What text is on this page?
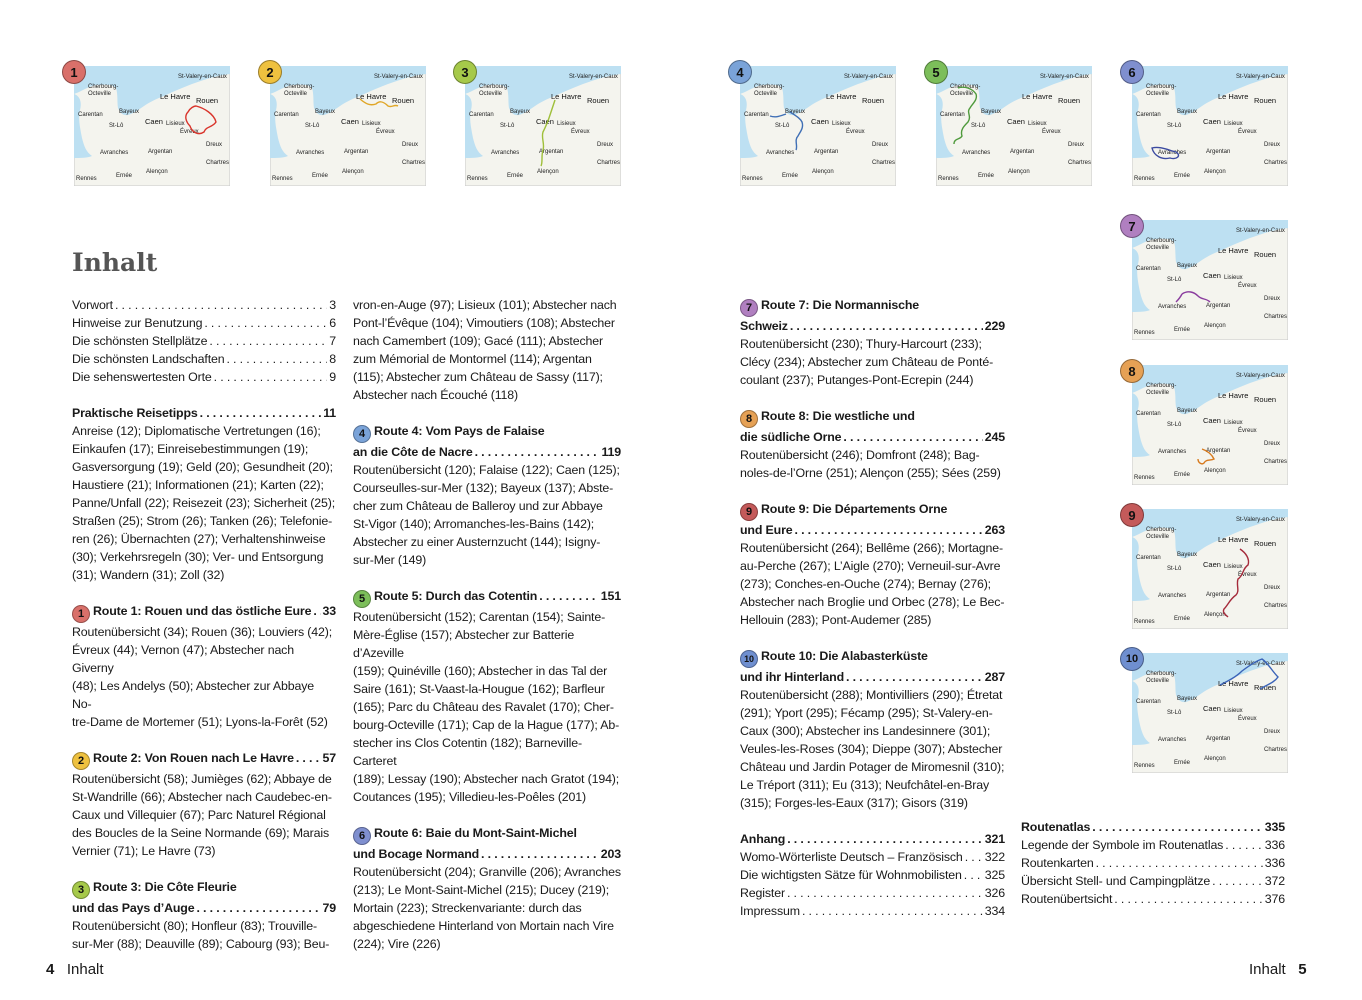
1	St-Valery-en-Caux
Cherbourg-
Octeville	Le Havre Rouen
Carentan	Bayeux
St-Lô	Caen Lisieux
Évreux
Dreux
Avranches	Argentan
Chartres
Rennes	Ernée
Alençon
2	St-Valery-en-Caux
Cherbourg-
Octeville	Le Havre Rouen
Carentan	Bayeux
St-Lô	Caen Lisieux
Évreux
Dreux
Avranches	Argentan
Chartres
Rennes	Ernée
Alençon
3	St-Valery-en-Caux
Cherbourg-
Octeville	Le Havre Rouen
Carentan	Bayeux
St-Lô	Caen Lisieux
Évreux
Dreux
Avranches	Argentan
Chartres
Rennes	Ernée
Alençon
4	St-Valery-en-Caux
Cherbourg-
Octeville	Le Havre Rouen
Carentan	Bayeux
St-Lô	Caen Lisieux
Évreux
Dreux
Avranches	Argentan
Chartres
Rennes	Ernée
Alençon
5	St-Valery-en-Caux
Cherbourg-
Octeville	Le Havre Rouen
Carentan	Bayeux
St-Lô	Caen Lisieux
Évreux
Dreux
Avranches	Argentan
Chartres
Rennes	Ernée
Alençon
6	St-Valery-en-Caux
Cherbourg-
Octeville	Le Havre Rouen
Carentan	Bayeux
St-Lô	Caen Lisieux
Évreux
Dreux
Avranches	Argentan
Chartres
Rennes	Ernée
Alençon
7	St-Valery-en-Caux
Cherbourg-
Octeville	Le Havre Rouen
Carentan	Bayeux
St-Lô	Caen Lisieux
Évreux
Dreux
Avranches	Argentan
Chartres
Rennes	Ernée
Alençon
8	St-Valery-en-Caux
Cherbourg-
Octeville	Le Havre Rouen
Carentan	Bayeux
St-Lô	Caen Lisieux
Évreux
Dreux
Avranches	Argentan
Chartres
Rennes	Ernée
Alençon
9	St-Valery-en-Caux
Cherbourg-
Octeville	Le Havre Rouen
Carentan	Bayeux
St-Lô	Caen Lisieux
Évreux
Dreux
Avranches	Argentan
Chartres
Rennes	Ernée
Alençon
10	St-Valery-en-Caux
Cherbourg-
Octeville	Le Havre Rouen
Carentan	Bayeux
St-Lô	Caen Lisieux
Évreux
Dreux
Avranches	Argentan
Chartres
Rennes	Ernée
Alençon
Inhalt
Vorwort . . .	3
Hinweise zur Benutzung . . .	6
Die schönsten Stellplätze . . .	7
Die schönsten Landschaften . . .	8
Die sehenswertesten Orte . . .	9
Praktische Reisetipps . . .	11
Anreise (12); Diplomatische Vertretungen (16);
Einkaufen (17); Einreisebestimmungen (19);
Gasversorgung (19); Geld (20); Gesundheit (20);
Haustiere (21); Informationen (21); Karten (22);
Panne/Unfall (22); Reisezeit (23); Sicherheit (25);
Straßen (25); Strom (26); Tanken (26); Telefonie-
ren (26); Übernachten (27); Verhaltenshinweise
(30); Verkehrsregeln (30); Ver- und Entsorgung
(31); Wandern (31); Zoll (32)
1 Route 1: Rouen und das östliche Eure . . . 33
Routenübersicht (34); Rouen (36); Louviers (42);
Évreux (44); Vernon (47); Abstecher nach Giverny
(48); Les Andelys (50); Abstecher zur Abbaye No-
tre-Dame de Mortemer (51); Lyons-la-Forêt (52)
2 Route 2: Von Rouen nach Le Havre . . . 57
Routenübersicht (58); Jumièges (62); Abbaye de
St-Wandrille (66); Abstecher nach Caudebec-en-
Caux und Villequier (67); Parc Naturel Régional
des Boucles de la Seine Normande (69); Marais
Vernier (71); Le Havre (73)
3 Route 3: Die Côte Fleurie
und das Pays d’Auge . . .	79
Routenübersicht (80); Honfleur (83); Trouville-
sur-Mer (88); Deauville (89); Cabourg (93); Beu-
vron-en-Auge (97); Lisieux (101); Abstecher nach
Pont-l’Évêque (104); Vimoutiers (108); Abstecher
nach Camembert (109); Gacé (111); Abstecher
zum Mémorial de Montormel (114); Argentan
(115); Abstecher zum Château de Sassy (117);
Abstecher nach Écouché (118)
4 Route 4: Vom Pays de Falaise
an die Côte de Nacre . . .	119
Routenübersicht (120); Falaise (122); Caen (125);
Courseulles-sur-Mer (132); Bayeux (137); Abste-
cher zum Château de Balleroy und zur Abbaye
St-Vigor (140); Arromanches-les-Bains (142);
Abstecher zu einer Austernzucht (144); Isigny-
sur-Mer (149)
5 Route 5: Durch das Cotentin . . .	151
Routenübersicht (152); Carentan (154); Sainte-
Mère-Église (157); Abstecher zur Batterie d’Azeville
(159); Quinéville (160); Abstecher in das Tal der
Saire (161); St-Vaast-la-Hougue (162); Barfleur
(165); Parc du Château des Ravalet (170); Cher-
bourg-Octeville (171); Cap de la Hague (177); Ab-
stecher ins Clos Cotentin (182); Barneville-Carteret
(189); Lessay (190); Abstecher nach Gratot (194);
Coutances (195); Villedieu-les-Poêles (201)
6 Route 6: Baie du Mont-Saint-Michel
und Bocage Normand . . .	203
Routenübersicht (204); Granville (206); Avranches
(213); Le Mont-Saint-Michel (215); Ducey (219);
Mortain (223); Streckenvariante: durch das
abgeschiedene Hinterland von Mortain nach Vire
(224); Vire (226)
7 Route 7: Die Normannische
Schweiz . . .	229
Routenübersicht (230); Thury-Harcourt (233);
Clécy (234); Abstecher zum Château de Ponté-
coulant (237); Putanges-Pont-Ecrepin (244)
8 Route 8: Die westliche und
die südliche Orne . . .	245
Routenübersicht (246); Domfront (248); Bag-
noles-de-l’Orne (251); Alençon (255); Sées (259)
9 Route 9: Die Départements Orne
und Eure . . .	263
Routenübersicht (264); Bellême (266); Mortagne-
au-Perche (267); L’Aigle (270); Verneuil-sur-Avre
(273); Conches-en-Ouche (274); Bernay (276);
Abstecher nach Broglie und Orbec (278); Le Bec-
Hellouin (283); Pont-Audemer (285)
10 Route 10: Die Alabasterküste
und ihr Hinterland . . .	287
Routenübersicht (288); Montivilliers (290); Étretat
(291); Yport (295); Fécamp (295); St-Valery-en-
Caux (300); Abstecher ins Landesinnere (301);
Veules-les-Roses (304); Dieppe (307); Abstecher
Château und Jardin Potager de Miromesnil (310);
Le Tréport (311); Eu (313); Neufchâtel-en-Bray
(315); Forges-les-Eaux (317); Gisors (319)
Anhang . . .	321
Womo-Wörterliste Deutsch – Französisch . . . 322
Die wichtigsten Sätze für Wohnmobilisten . . . 325
Register . . .	326
Impressum . . .	334
Routenatlas . . .	335
Legende der Symbole im Routenatlas . . .	336
Routenkarten . . .	336
Übersicht Stell- und Campingplätze . . .	372
Routenübertsicht . . .	376
4 Inhalt	Inhalt 5
